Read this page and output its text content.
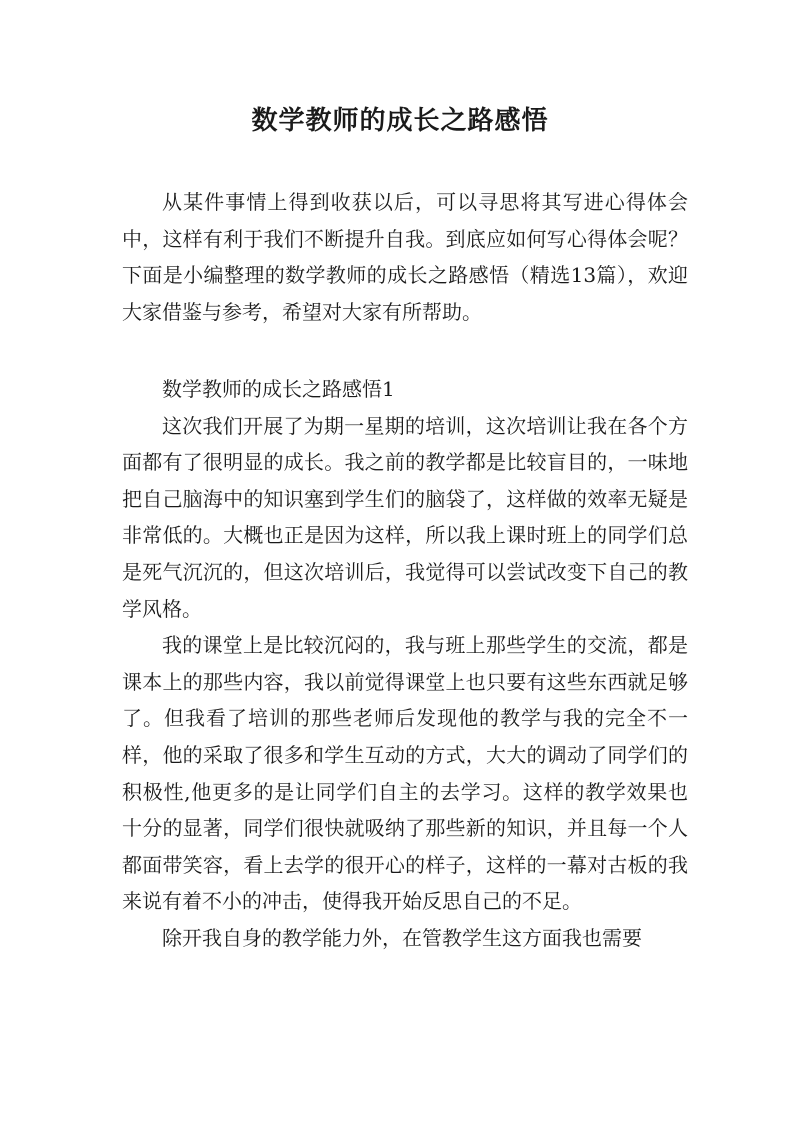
数学教师的成长之路感悟

从某件事情上得到收获以后，可以寻思将其写进心得体会中，这样有利于我们不断提升自我。到底应如何写心得体会呢？下面是小编整理的数学教师的成长之路感悟（精选13篇），欢迎大家借鉴与参考，希望对大家有所帮助。

数学教师的成长之路感悟1

这次我们开展了为期一星期的培训，这次培训让我在各个方面都有了很明显的成长。我之前的教学都是比较盲目的，一味地把自己脑海中的知识塞到学生们的脑袋了，这样做的效率无疑是非常低的。大概也正是因为这样，所以我上课时班上的同学们总是死气沉沉的，但这次培训后，我觉得可以尝试改变下自己的教学风格。

我的课堂上是比较沉闷的，我与班上那些学生的交流，都是课本上的那些内容，我以前觉得课堂上也只要有这些东西就足够了。但我看了培训的那些老师后发现他的教学与我的完全不一样，他的采取了很多和学生互动的方式，大大的调动了同学们的积极性,他更多的是让同学们自主的去学习。这样的教学效果也十分的显著，同学们很快就吸纳了那些新的知识，并且每一个人都面带笑容，看上去学的很开心的样子，这样的一幕对古板的我来说有着不小的冲击，使得我开始反思自己的不足。

除开我自身的教学能力外，在管教学生这方面我也需要
